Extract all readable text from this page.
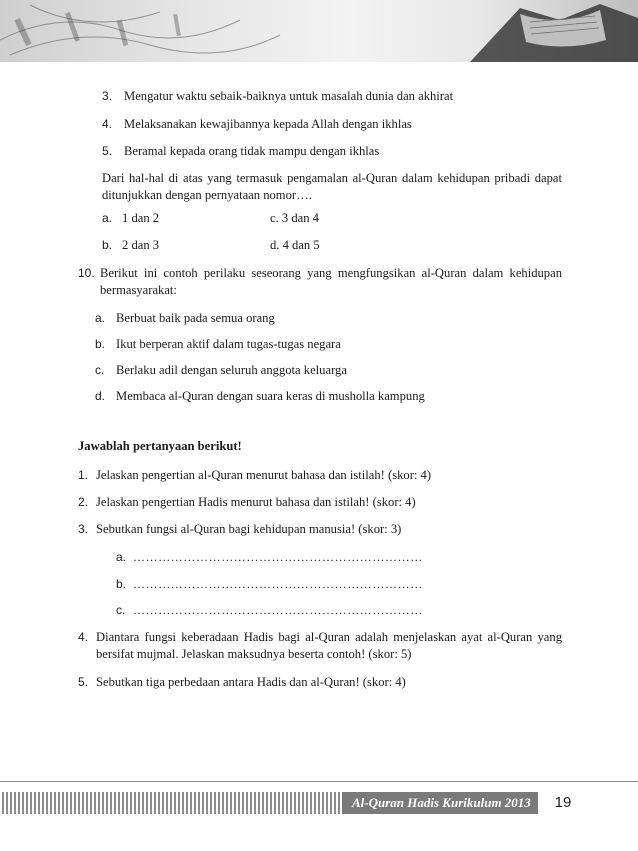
3. Mengatur waktu sebaik-baiknya untuk masalah dunia dan akhirat
4. Melaksanakan kewajibannya kepada Allah dengan ikhlas
5. Beramal kepada orang tidak mampu dengan ikhlas
Dari hal-hal di atas yang termasuk pengamalan al-Quran dalam kehidupan pribadi dapat
ditunjukkan dengan pernyataan nomor….
a. 1 dan 2	c. 3 dan 4
b. 2 dan 3	d. 4 dan 5
10. Berikut ini contoh perilaku seseorang yang mengfungsikan al-Quran dalam kehidupan
bermasyarakat:
a. Berbuat baik pada semua orang
b. Ikut berperan aktif dalam tugas-tugas negara
c. Berlaku adil dengan seluruh anggota keluarga
d. Membaca al-Quran dengan suara keras di musholla kampung
Jawablah pertanyaan berikut!
1. Jelaskan pengertian al-Quran menurut bahasa dan istilah! (skor: 4)
2. Jelaskan pengertian Hadis menurut bahasa dan istilah! (skor: 4)
3. Sebutkan fungsi al-Quran bagi kehidupan manusia! (skor: 3)
a. ……………………………………………………………
b. ……………………………………………………………
c. ……………………………………………………………
4. Diantara fungsi keberadaan Hadis bagi al-Quran adalah menjelaskan ayat al-Quran yang
bersifat mujmal. Jelaskan maksudnya beserta contoh! (skor: 5)
5. Sebutkan tiga perbedaan antara Hadis dan al-Quran! (skor: 4)
Al-Quran Hadis Kurikulum 2013	19
